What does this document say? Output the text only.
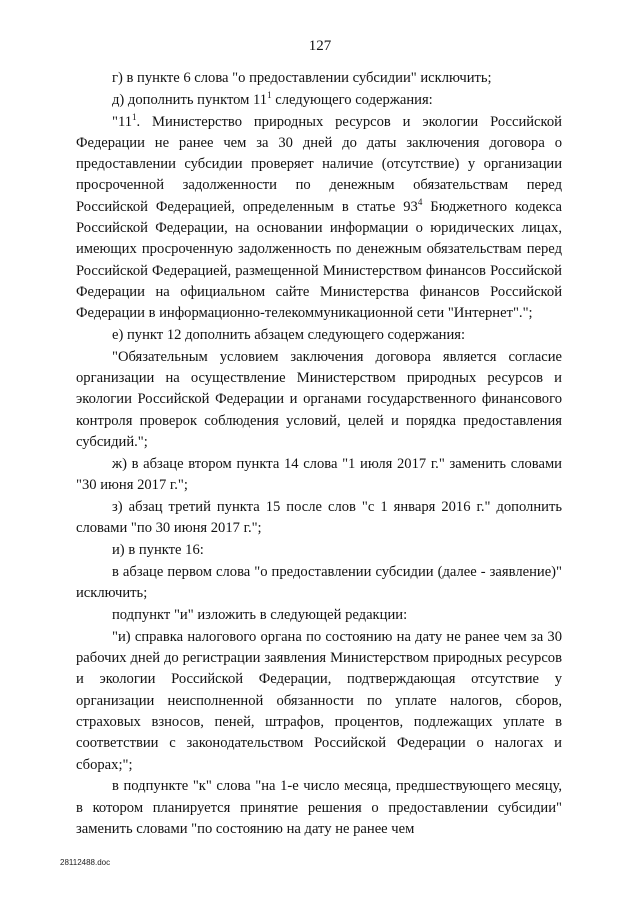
127
г) в пункте 6 слова "о предоставлении субсидии" исключить;
д) дополнить пунктом $11^1$ следующего содержания:
"$11^1$. Министерство природных ресурсов и экологии Российской Федерации не ранее чем за 30 дней до даты заключения договора о предоставлении субсидии проверяет наличие (отсутствие) у организации просроченной задолженности по денежным обязательствам перед Российской Федерацией, определенным в статье $93^4$ Бюджетного кодекса Российской Федерации, на основании информации о юридических лицах, имеющих просроченную задолженность по денежным обязательствам перед Российской Федерацией, размещенной Министерством финансов Российской Федерации на официальном сайте Министерства финансов Российской Федерации в информационно-телекоммуникационной сети "Интернет".";
е) пункт 12 дополнить абзацем следующего содержания:
"Обязательным условием заключения договора является согласие организации на осуществление Министерством природных ресурсов и экологии Российской Федерации и органами государственного финансового контроля проверок соблюдения условий, целей и порядка предоставления субсидий.";
ж) в абзаце втором пункта 14 слова "1 июля 2017 г." заменить словами "30 июня 2017 г.";
з) абзац третий пункта 15 после слов "с 1 января 2016 г." дополнить словами "по 30 июня 2017 г.";
и) в пункте 16:
в абзаце первом слова "о предоставлении субсидии (далее - заявление)" исключить;
подпункт "и" изложить в следующей редакции:
"и) справка налогового органа по состоянию на дату не ранее чем за 30 рабочих дней до регистрации заявления Министерством природных ресурсов и экологии Российской Федерации, подтверждающая отсутствие у организации неисполненной обязанности по уплате налогов, сборов, страховых взносов, пеней, штрафов, процентов, подлежащих уплате в соответствии с законодательством Российской Федерации о налогах и сборах;";
в подпункте "к" слова "на 1-е число месяца, предшествующего месяцу, в котором планируется принятие решения о предоставлении субсидии" заменить словами "по состоянию на дату не ранее чем
28112488.doc
